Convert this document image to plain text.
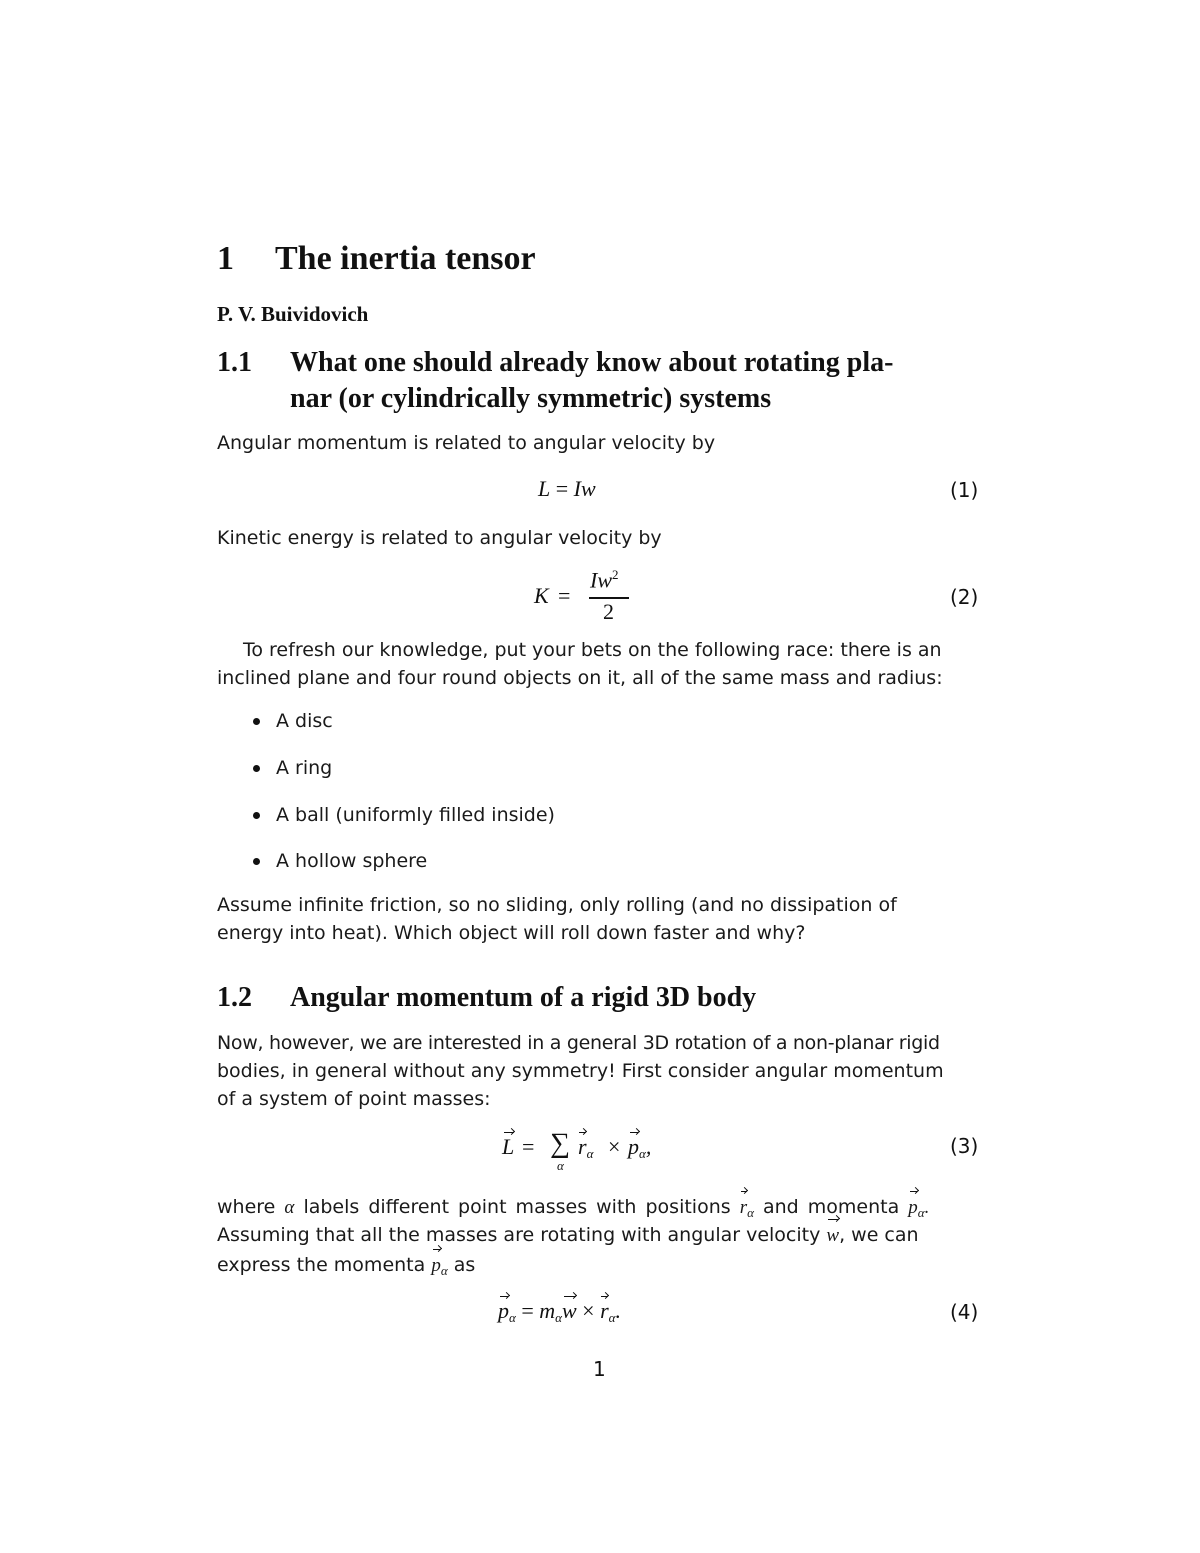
1 The inertia tensor
P. V. Buividovich
1.1 What one should already know about rotating pla-
nar (or cylindrically symmetric) systems
Angular momentum is related to angular velocity by
L = Iw	(1)
Kinetic energy is related to angular velocity by
K =
$Iw^2$
2
(2)
To refresh our knowledge, put your bets on the following race: there is an
inclined plane and four round objects on it, all of the same mass and radius:
A disc
A ring
A ball (uniformly filled inside)
A hollow sphere
Assume infinite friction, so no sliding, only rolling (and no dissipation of
energy into heat). Which object will roll down faster and why?
1.2 Angular momentum of a rigid 3D body
Now, however, we are interested in a general 3D rotation of a non-planar rigid
bodies, in general without any symmetry! First consider angular momentum
of a system of point masses:
L = ∑
α
$r_\alpha \times p_\alpha$,	(3)
where α labels different point masses with positions $r_\alpha$ and momenta $p_\alpha$.
Assuming that all the masses are rotating with angular velocity w, we can
express the momenta $p_\alpha$ as
$p_\alpha = m_\alpha w \times r_\alpha$.	(4)
1
